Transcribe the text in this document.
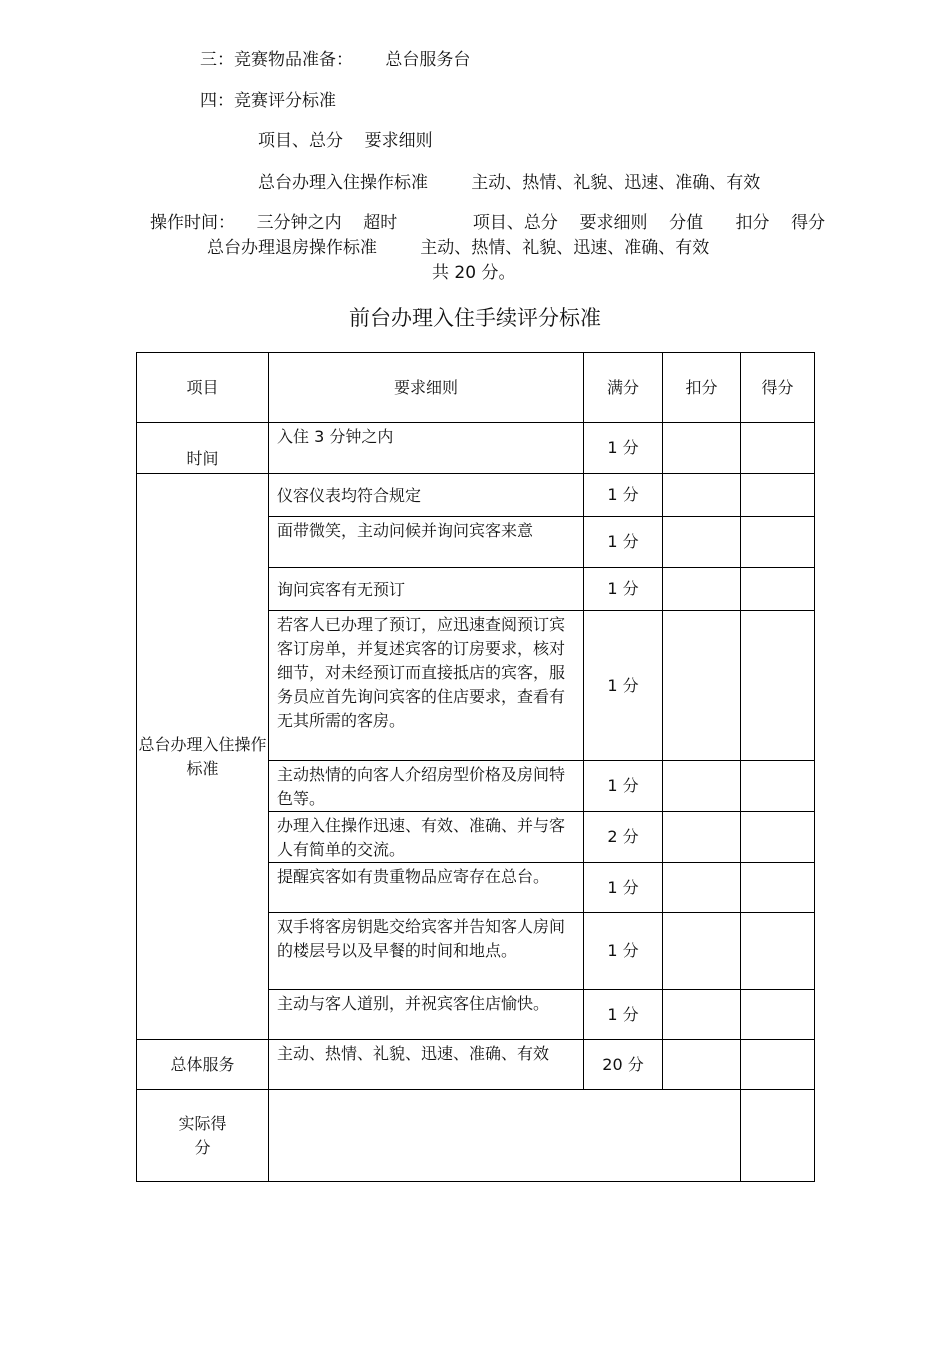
三：竞赛物品准备：      总台服务台
四：竞赛评分标准
项目、总分    要求细则
总台办理入住操作标准        主动、热情、礼貌、迅速、准确、有效
操作时间：    三分钟之内    超时              项目、总分    要求细则    分值      扣分    得分
总台办理退房操作标准        主动、热情、礼貌、迅速、准确、有效
共 20 分。
前台办理入住手续评分标准
项目	要求细则	满分	扣分	得分
时间	入住 3 分钟之内	1 分		
总台办理入住操作标准	仪容仪表均符合规定	1 分		
	面带微笑，主动问候并询问宾客来意	1 分		
	询问宾客有无预订	1 分		
	若客人已办理了预订，应迅速查阅预订宾客订房单，并复述宾客的订房要求，核对细节，对未经预订而直接抵店的宾客，服务员应首先询问宾客的住店要求，查看有无其所需的客房。	1 分		
	主动热情的向客人介绍房型价格及房间特色等。	1 分		
	办理入住操作迅速、有效、准确、并与客人有简单的交流。	2 分		
	提醒宾客如有贵重物品应寄存在总台。	1 分		
	双手将客房钥匙交给宾客并告知客人房间的楼层号以及早餐的时间和地点。	1 分		
	主动与客人道别，并祝宾客住店愉快。	1 分		
总体服务	主动、热情、礼貌、迅速、准确、有效	20 分		

实际得分				
